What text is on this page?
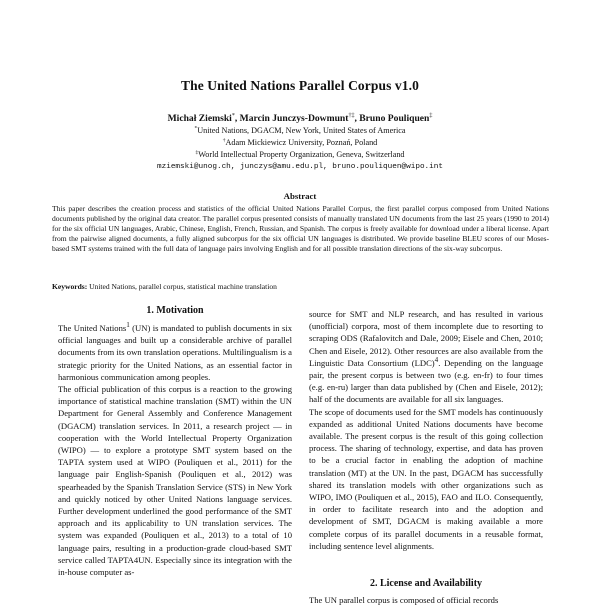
The United Nations Parallel Corpus v1.0
Michał Ziemski*, Marcin Junczys-Dowmunt†‡, Bruno Pouliquen‡
*United Nations, DGACM, New York, United States of America
†Adam Mickiewicz University, Poznań, Poland
‡World Intellectual Property Organization, Geneva, Switzerland
mziemski@unog.ch, junczys@amu.edu.pl, bruno.pouliquen@wipo.int
Abstract
This paper describes the creation process and statistics of the official United Nations Parallel Corpus, the first parallel corpus composed from United Nations documents published by the original data creator. The parallel corpus presented consists of manually translated UN documents from the last 25 years (1990 to 2014) for the six official UN languages, Arabic, Chinese, English, French, Russian, and Spanish. The corpus is freely available for download under a liberal license. Apart from the pairwise aligned documents, a fully aligned subcorpus for the six official UN languages is distributed. We provide baseline BLEU scores of our Moses-based SMT systems trained with the full data of language pairs involving English and for all possible translation directions of the six-way subcorpus.
Keywords: United Nations, parallel corpus, statistical machine translation
1. Motivation

The United Nations$^1$ (UN) is mandated to publish documents in six official languages and built up a considerable archive of parallel documents from its own translation operations. Multilingualism is a strategic priority for the United Nations, as an essential factor in harmonious communication among peoples.

The official publication of this corpus is a reaction to the growing importance of statistical machine translation (SMT) within the UN Department for General Assembly and Conference Management (DGACM) translation services. In 2011, a research project — in cooperation with the World Intellectual Property Organization (WIPO) — to explore a prototype SMT system based on the TAPTA system used at WIPO (Pouliquen et al., 2011) for the language pair English-Spanish (Pouliquen et al., 2012) was spearheaded by the Spanish Translation Service (STS) in New York and quickly noticed by other United Nations language services. Further development underlined the good performance of the SMT approach and its applicability to UN translation services. The system was expanded (Pouliquen et al., 2013) to a total of 10 language pairs, resulting in a production-grade cloud-based SMT service called TAPTA4UN. Especially since its integration with the in-house computer as-

source for SMT and NLP research, and has resulted in various (unofficial) corpora, most of them incomplete due to resorting to scraping ODS (Rafalovitch and Dale, 2009; Eisele and Chen, 2010; Chen and Eisele, 2012). Other resources are also available from the Linguistic Data Consortium (LDC)$^4$. Depending on the language pair, the present corpus is between two (e.g. en-fr) to four times (e.g. en-ru) larger than data published by (Chen and Eisele, 2012); half of the documents are available for all six languages.

The scope of documents used for the SMT models has continuously expanded as additional United Nations documents have become available. The present corpus is the result of this going collection process. The sharing of technology, expertise, and data has proven to be a crucial factor in enabling the adoption of machine translation (MT) at the UN. In the past, DGACM has successfully shared its translation models with other organizations such as WIPO, IMO (Pouliquen et al., 2015), FAO and ILO. Consequently, in order to facilitate research into and the adoption and development of SMT, DGACM is making available a more complete corpus of its parallel documents in a reusable format, including sentence level alignments.

2. License and Availability
The UN parallel corpus is composed of official records
